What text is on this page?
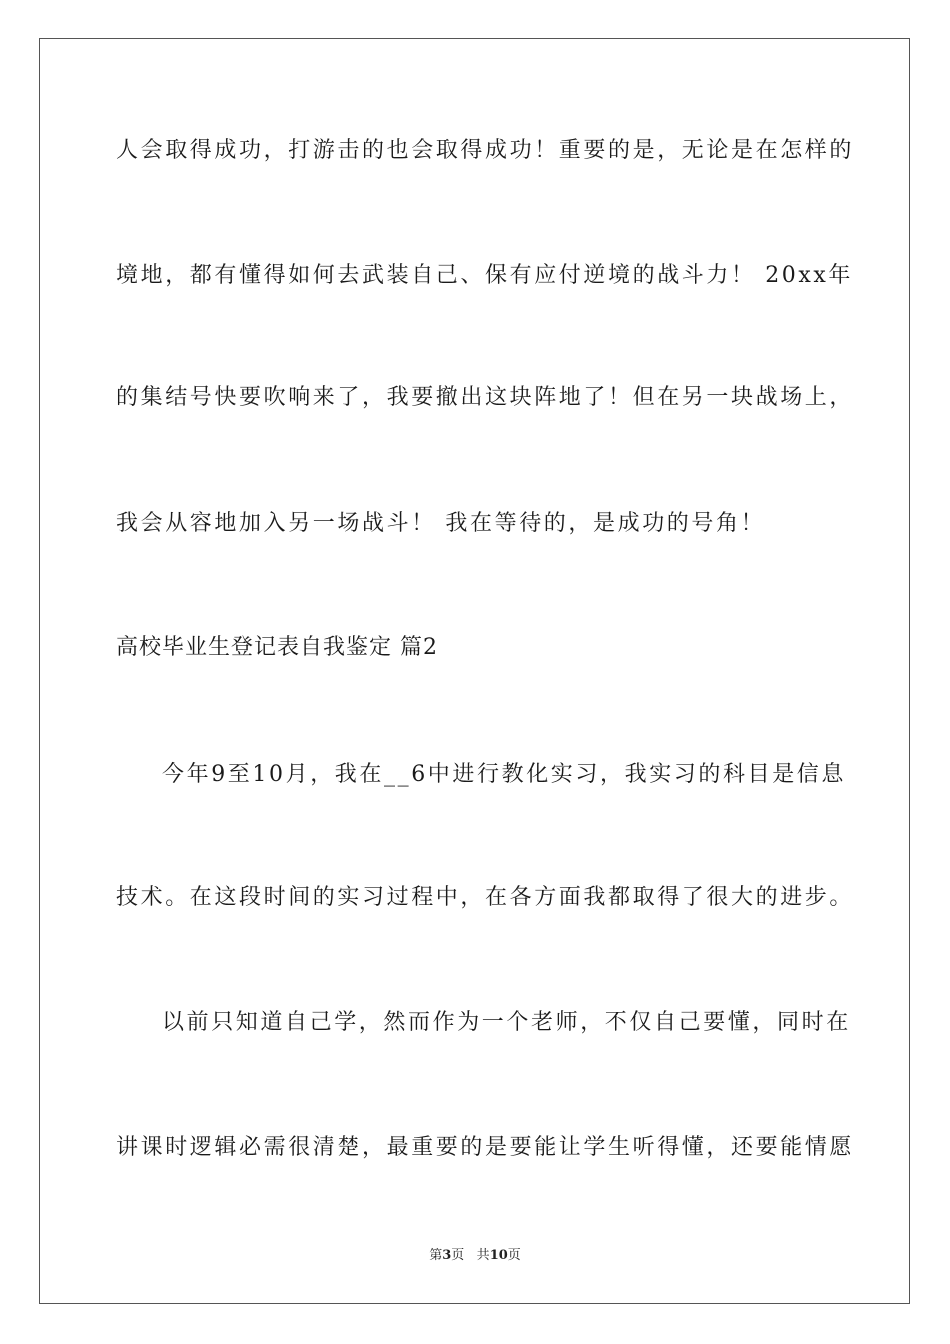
人会取得成功，打游击的也会取得成功！重要的是，无论是在怎样的
境地，都有懂得如何去武装自己、保有应付逆境的战斗力！ 20xx年
的集结号快要吹响来了，我要撤出这块阵地了！但在另一块战场上，
我会从容地加入另一场战斗！ 我在等待的，是成功的号角！
高校毕业生登记表自我鉴定 篇2
今年9至10月，我在__6中进行教化实习，我实习的科目是信息
技术。在这段时间的实习过程中，在各方面我都取得了很大的进步。
以前只知道自己学，然而作为一个老师，不仅自己要懂，同时在
讲课时逻辑必需很清楚，最重要的是要能让学生听得懂，还要能情愿
第3页 共10页
